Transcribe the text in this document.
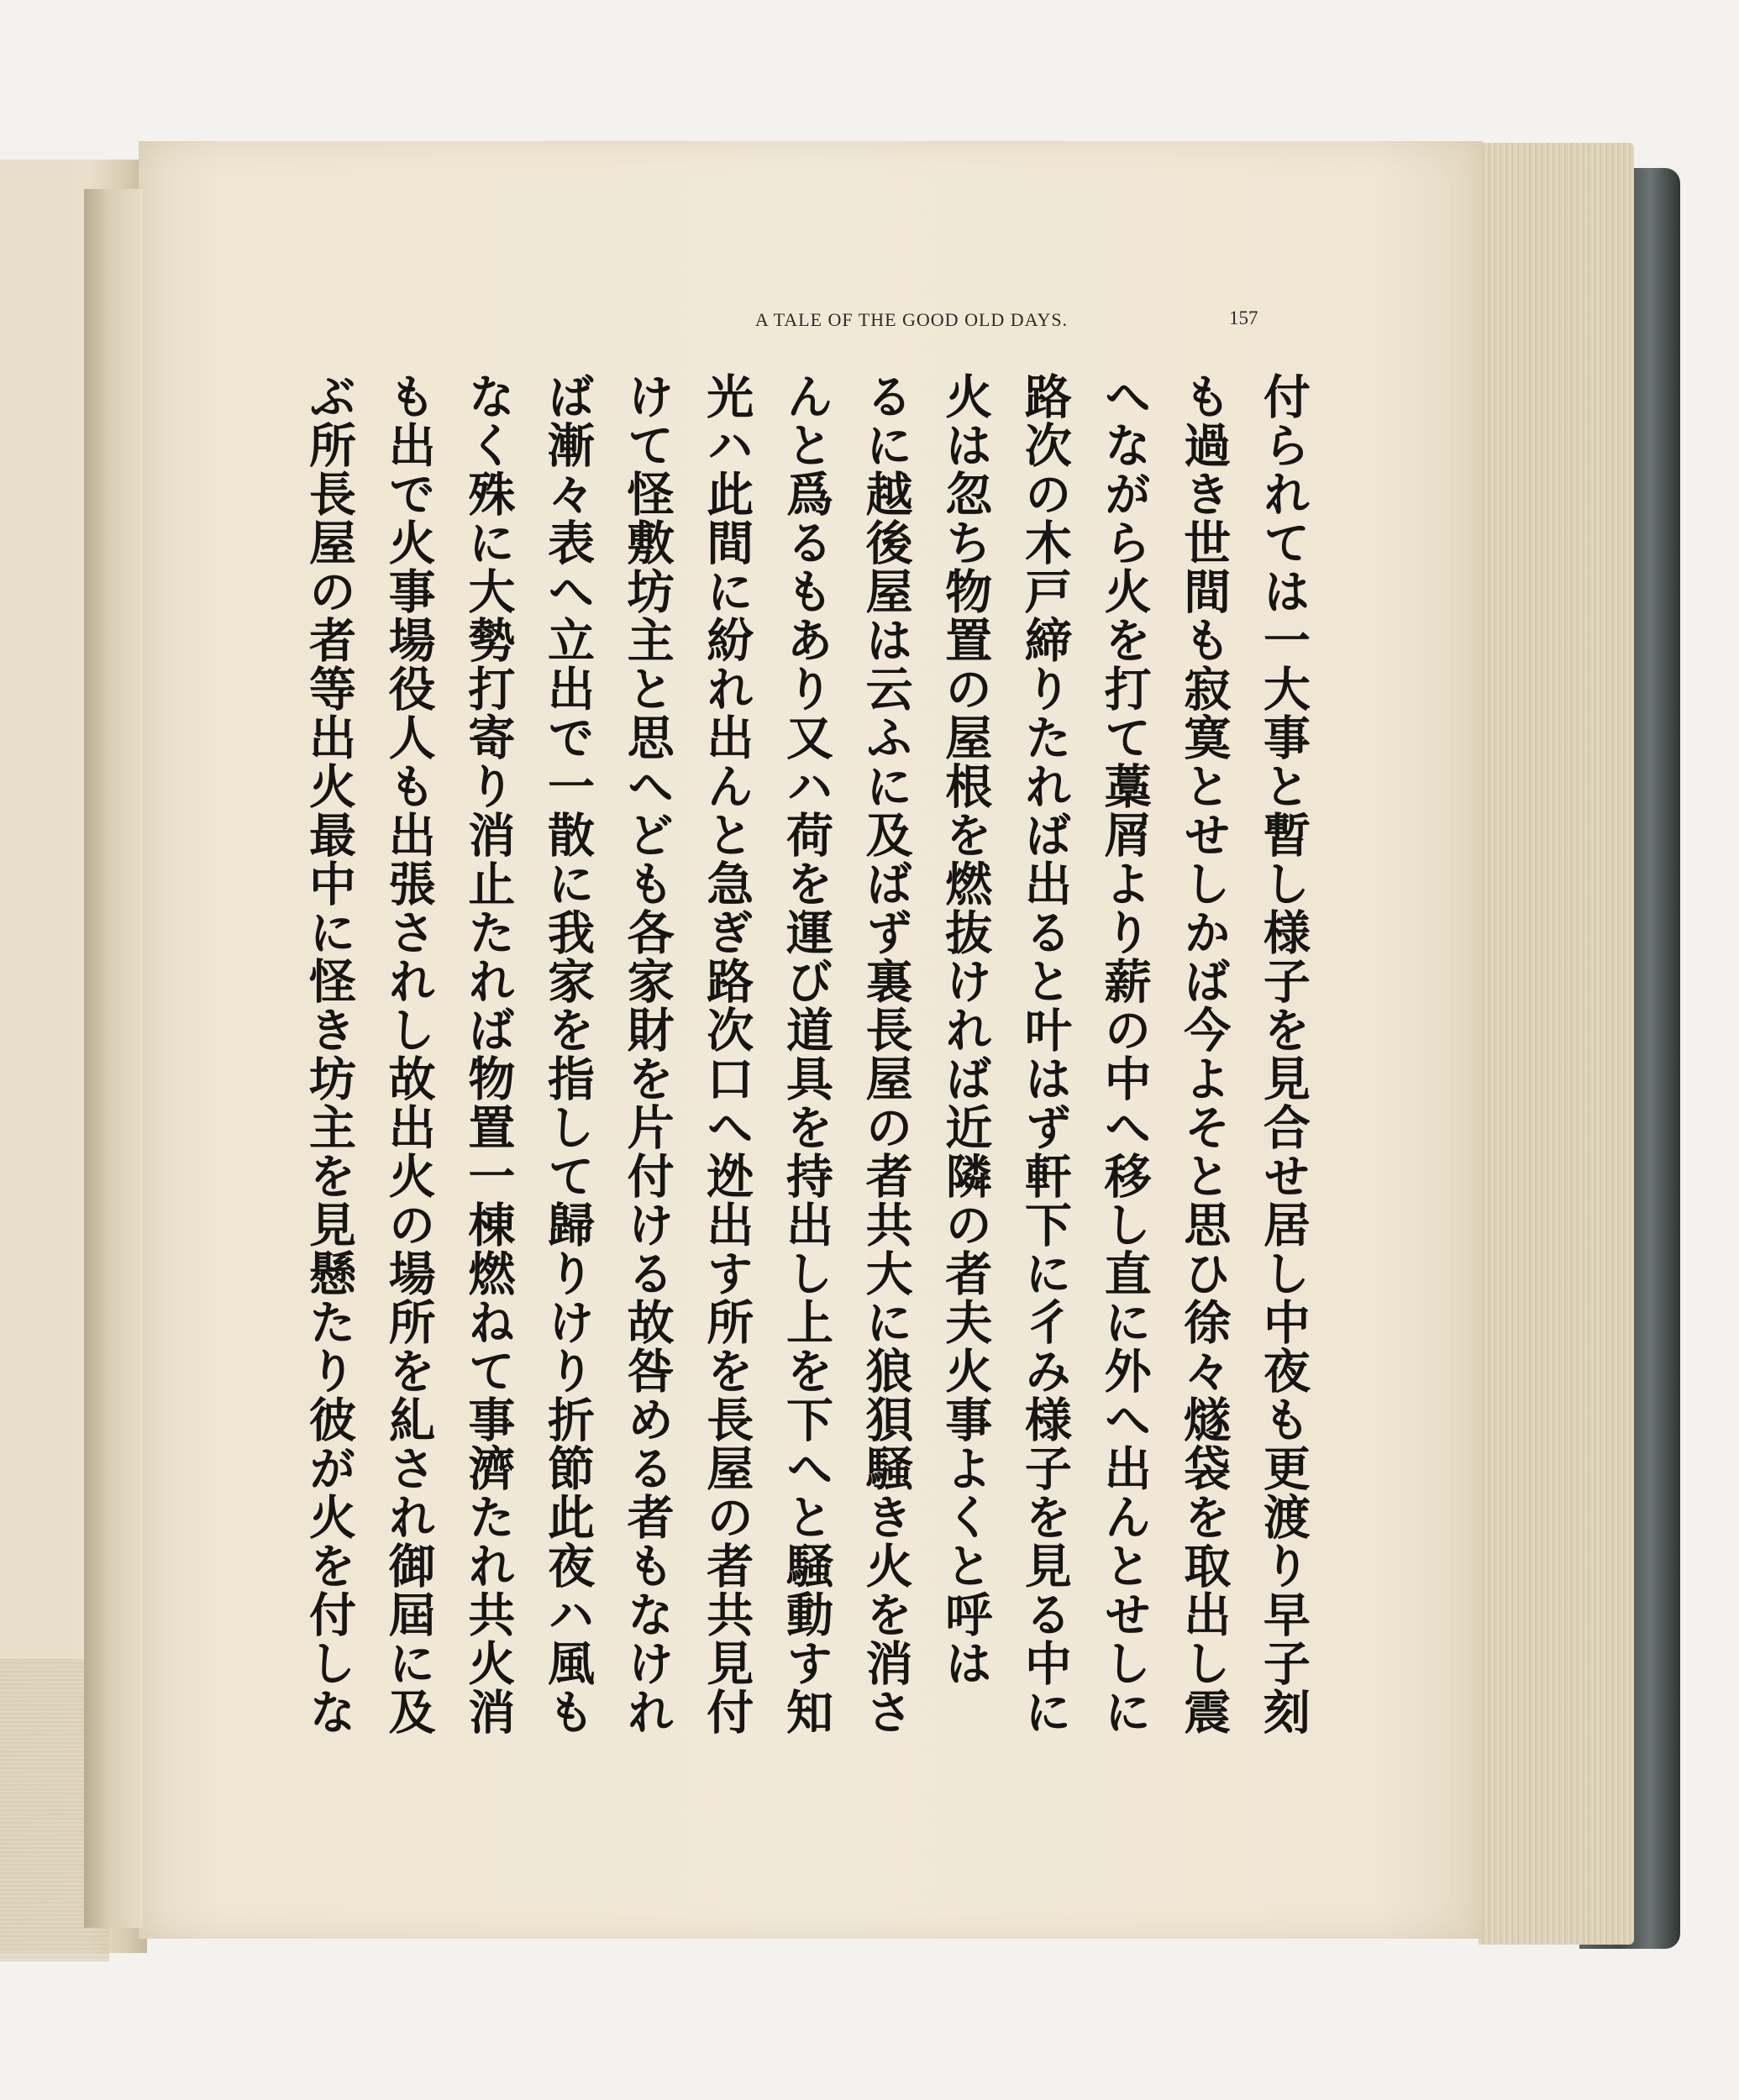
A TALE OF THE GOOD OLD DAYS.	157
付られては一大事と暫し様子を見合せ居し中夜も更渡り早子刻
も過き世間も寂寞とせしかば今よそと思ひ徐々燧袋を取出し震
へながら火を打て藁屑より薪の中へ移し直に外へ出んとせしに
路次の木戸締りたれば出ると叶はず軒下に彳み様子を見る中に
火は忽ち物置の屋根を燃抜ければ近隣の者夫火事よくと呼は
るに越後屋は云ふに及ばず裏長屋の者共大に狼狽騒き火を消さ
んと爲るもあり又ハ荷を運び道具を持出し上を下へと騒動す知
光ハ此間に紛れ出んと急ぎ路次口へ迯出す所を長屋の者共見付
けて怪敷坊主と思へども各家財を片付ける故咎める者もなけれ
ば漸々表へ立出で一散に我家を指して歸りけり折節此夜ハ風も
なく殊に大勢打寄り消止たれば物置一棟燃ねて事濟たれ共火消
も出で火事場役人も出張されし故出火の場所を糺され御屆に及
ぶ所長屋の者等出火最中に怪き坊主を見懸たり彼が火を付しな
